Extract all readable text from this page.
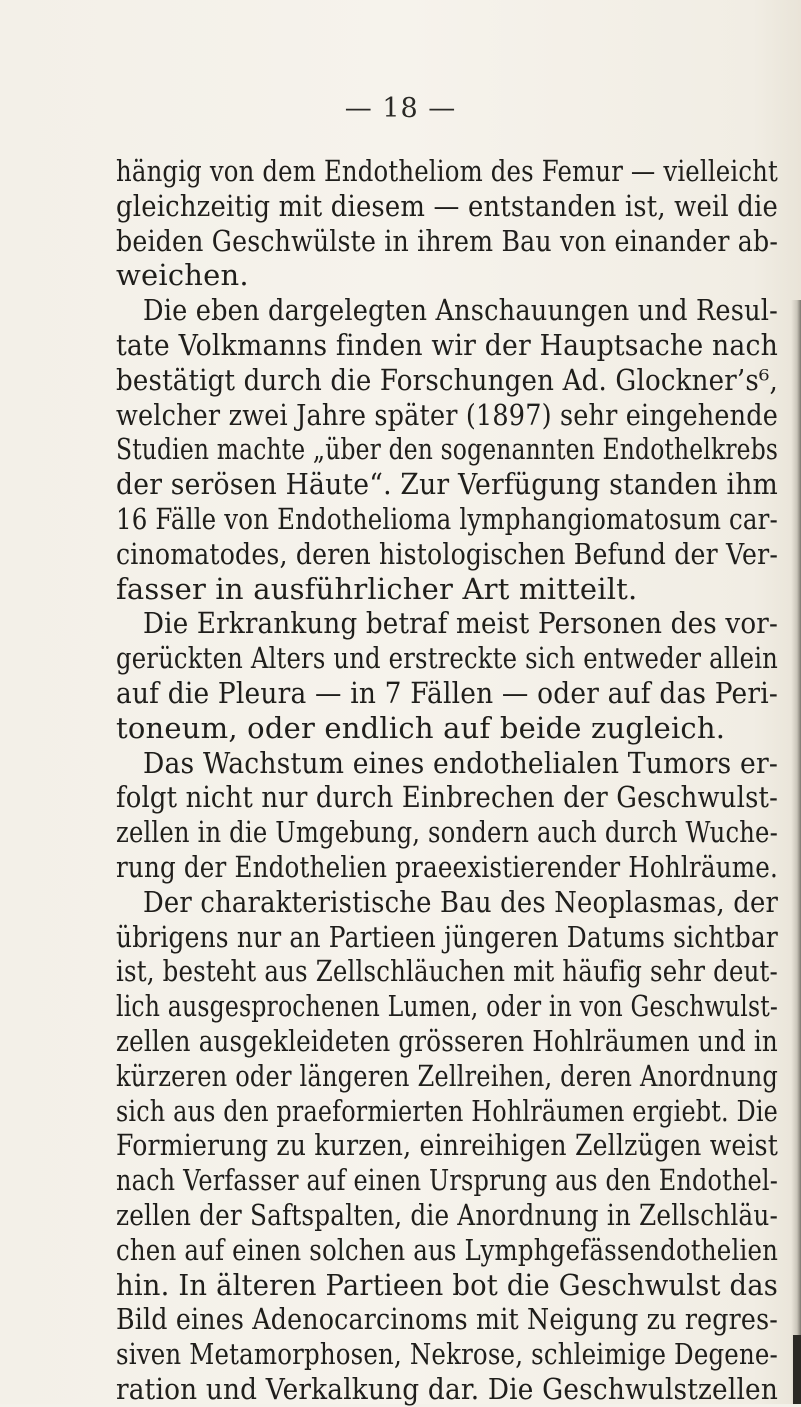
— 18 —
hängig von dem Endotheliom des Femur — vielleicht
gleichzeitig mit diesem — entstanden ist, weil die
beiden Geschwülste in ihrem Bau von einander ab-
weichen.
Die eben dargelegten Anschauungen und Resul-
tate Volkmanns finden wir der Hauptsache nach
bestätigt durch die Forschungen Ad. Glockner’s⁶,
welcher zwei Jahre später (1897) sehr eingehende
Studien machte „über den sogenannten Endothelkrebs
der serösen Häute“. Zur Verfügung standen ihm
16 Fälle von Endothelioma lymphangiomatosum car-
cinomatodes, deren histologischen Befund der Ver-
fasser in ausführlicher Art mitteilt.
Die Erkrankung betraf meist Personen des vor-
gerückten Alters und erstreckte sich entweder allein
auf die Pleura — in 7 Fällen — oder auf das Peri-
toneum, oder endlich auf beide zugleich.
Das Wachstum eines endothelialen Tumors er-
folgt nicht nur durch Einbrechen der Geschwulst-
zellen in die Umgebung, sondern auch durch Wuche-
rung der Endothelien praeexistierender Hohlräume.
Der charakteristische Bau des Neoplasmas, der
übrigens nur an Partieen jüngeren Datums sichtbar
ist, besteht aus Zellschläuchen mit häufig sehr deut-
lich ausgesprochenen Lumen, oder in von Geschwulst-
zellen ausgekleideten grösseren Hohlräumen und in
kürzeren oder längeren Zellreihen, deren Anordnung
sich aus den praeformierten Hohlräumen ergiebt. Die
Formierung zu kurzen, einreihigen Zellzügen weist
nach Verfasser auf einen Ursprung aus den Endothel-
zellen der Saftspalten, die Anordnung in Zellschläu-
chen auf einen solchen aus Lymphgefässendothelien
hin. In älteren Partieen bot die Geschwulst das
Bild eines Adenocarcinoms mit Neigung zu regres-
siven Metamorphosen, Nekrose, schleimige Degene-
ration und Verkalkung dar. Die Geschwulstzellen
